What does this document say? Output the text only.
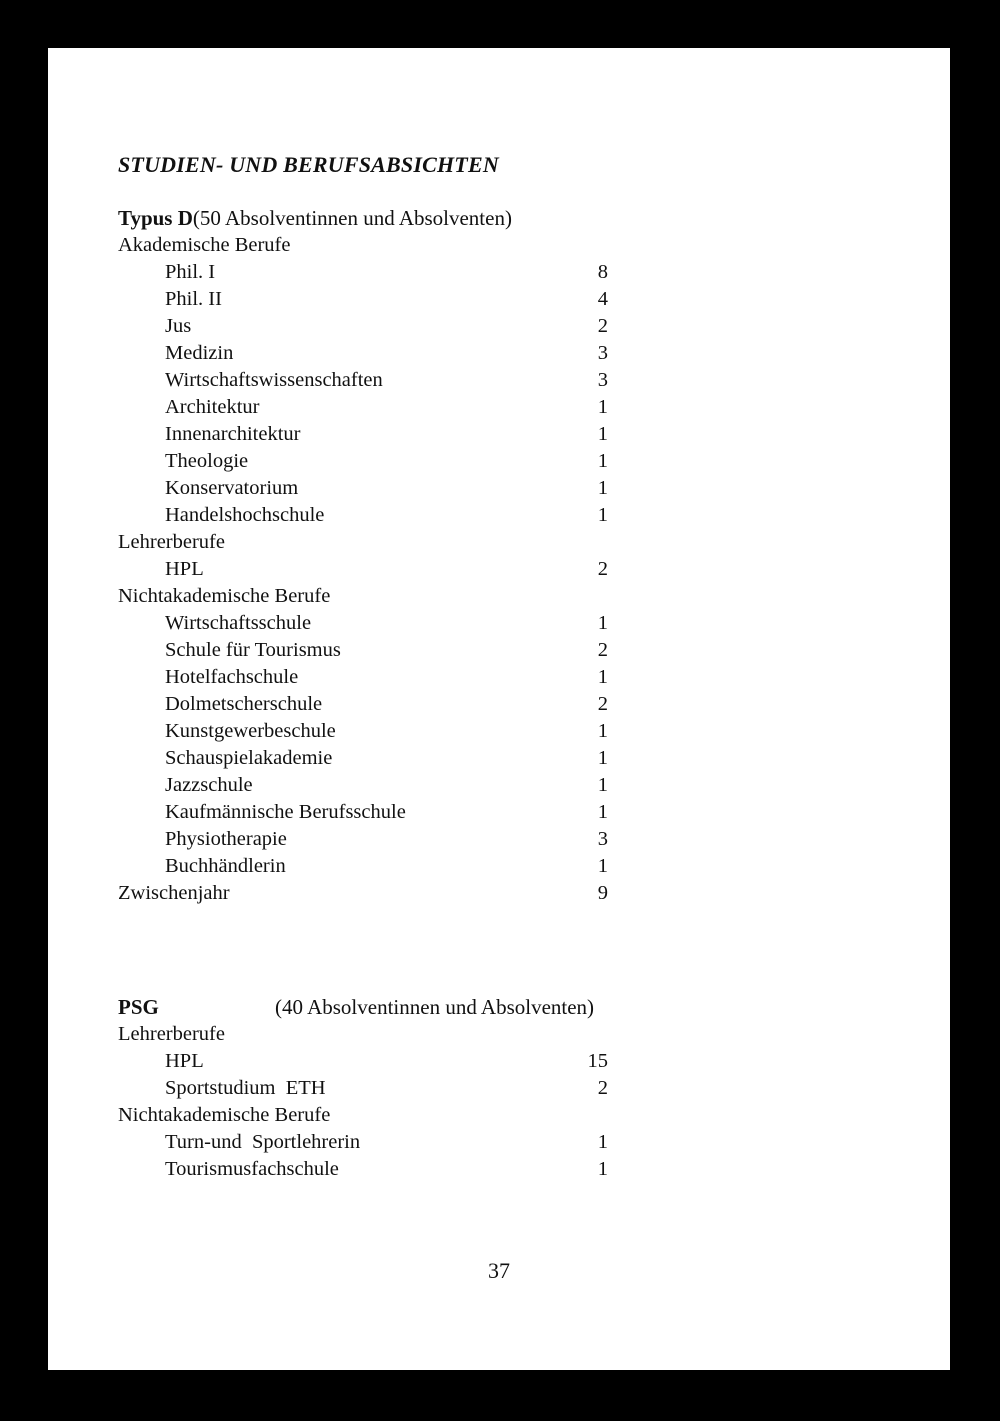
STUDIEN- UND BERUFSABSICHTEN
Typus D(50 Absolventinnen und Absolventen)
Akademische Berufe
Phil. I	8
Phil. II	4
Jus	2
Medizin	3
Wirtschaftswissenschaften	3
Architektur	1
Innenarchitektur	1
Theologie	1
Konservatorium	1
Handelshochschule	1
Lehrerberufe
HPL	2
Nichtakademische Berufe
Wirtschaftsschule	1
Schule für Tourismus	2
Hotelfachschule	1
Dolmetscherschule	2
Kunstgewerbeschule	1
Schauspielakademie	1
Jazzschule	1
Kaufmännische Berufsschule	1
Physiotherapie	3
Buchhändlerin	1
Zwischenjahr	9
PSG	(40 Absolventinnen und Absolventen)
Lehrerberufe
HPL	15
Sportstudium  ETH	2
Nichtakademische Berufe
Turn-und  Sportlehrerin	1
Tourismusfachschule	1
37
